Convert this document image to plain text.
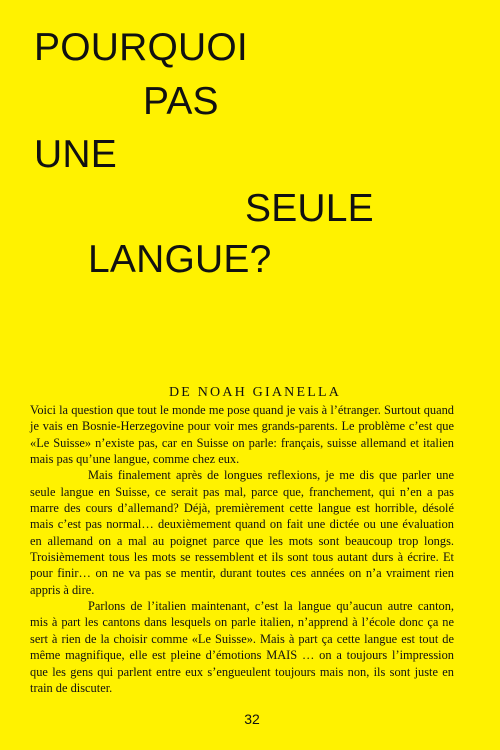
POURQUOI
PAS
UNE
SEULE
LANGUE?
DE NOAH GIANELLA

Voici la question que tout le monde me pose quand je vais à l’étranger. Surtout quand je vais en Bosnie-Herzegovine pour voir mes grands-parents. Le problème c’est que «Le Suisse» n’existe pas, car en Suisse on parle: français, suisse allemand et italien mais pas qu’une langue, comme chez eux.

Mais finalement après de longues reflexions, je me dis que parler une seule langue en Suisse, ce serait pas mal, parce que, franchement, qui n’en a pas marre des cours d’allemand? Déjà, premièrement cette langue est horrible, désolé mais c’est pas normal… deuxièmement quand on fait une dictée ou une évaluation en allemand on a mal au poignet parce que les mots sont beaucoup trop longs. Troisièmement tous les mots se ressemblent et ils sont tous autant durs à écrire. Et pour finir… on ne va pas se mentir, durant toutes ces années on n’a vraiment rien appris à dire.

Parlons de l’italien maintenant, c’est la langue qu’aucun autre canton, mis à part les cantons dans lesquels on parle italien, n’apprend à l’école donc ça ne sert à rien de la choisir comme «Le Suisse». Mais à part ça cette langue est tout de même magnifique, elle est pleine d’émotions MAIS … on a toujours l’impression que les gens qui parlent entre eux s’engueulent toujours mais non, ils sont juste en train de discuter.

32
